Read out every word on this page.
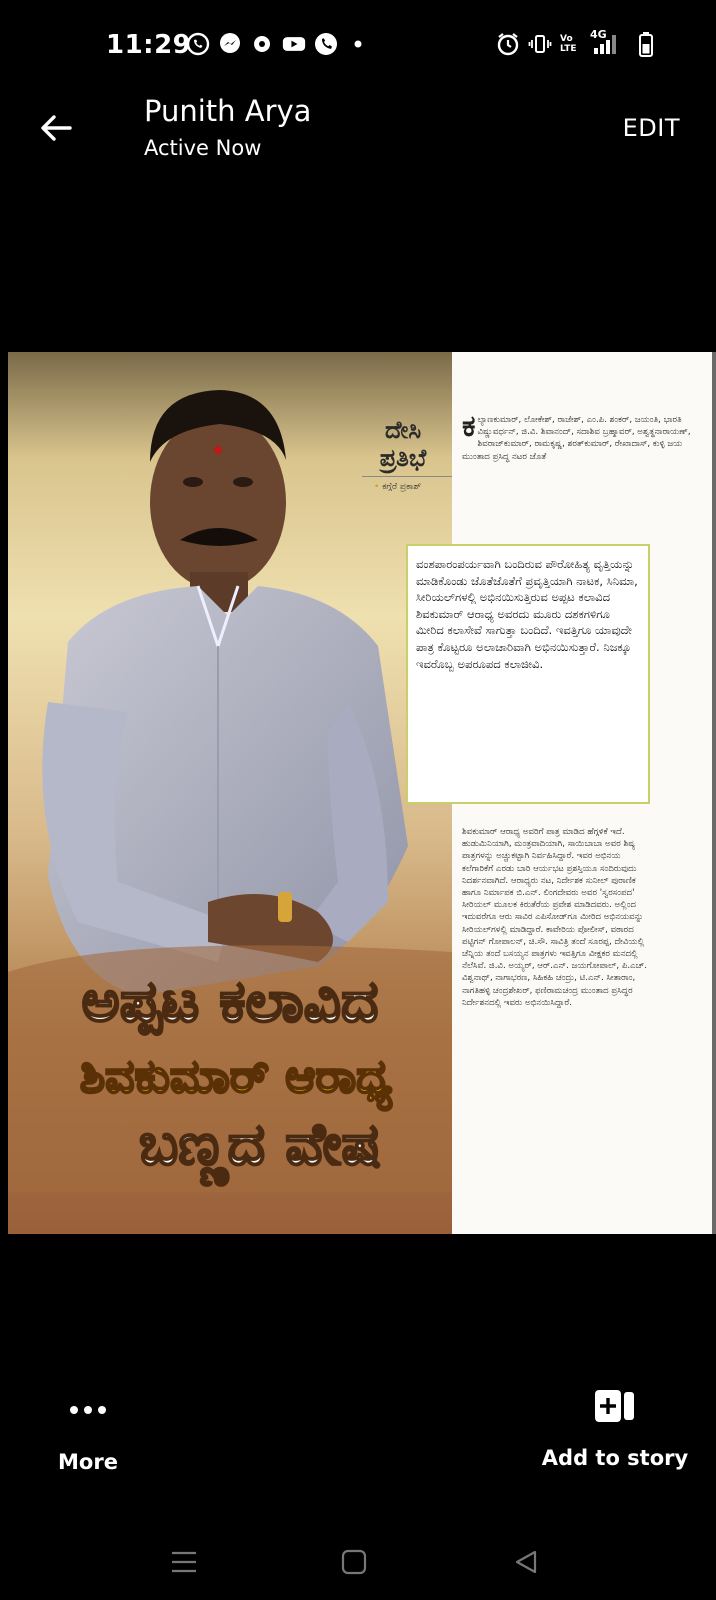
11:29	Vo LTE
4G
Punith Arya
Active Now
EDIT
ಅಪ್ಪಟ ಕಲಾವಿದ
ಶಿವಕುಮಾರ್ ಆರಾಧ್ಯ
ಬಣ್ಣದ ವೇಷ
ದೇಸಿ
ಪ್ರತಿಭೆ
• ಕಗ್ಗೆರೆ ಪ್ರಕಾಶ್
ಕ ಲ್ಯಾಣಕುಮಾರ್, ಲೋಕೇಶ್, ರಾಜೇಶ್, ಎಂ.ಪಿ. ಶಂಕರ್, ಜಯಂತಿ, ಭಾರತಿ ವಿಷ್ಣುವರ್ಧನ್, ಜಿ.ವಿ. ಶಿವಾನಂದ್, ಸದಾಶಿವ ಬ್ರಹ್ಮಾವರ್, ಅಶ್ವತ್ಥನಾರಾಯಣ್, ಶಿವರಾಜ್‌ಕುಮಾರ್, ರಾಮಕೃಷ್ಣ, ಶರತ್‌ಕುಮಾರ್, ರೇಖಾದಾಸ್, ಕುಳ್ಳಿ ಜಯ ಮುಂತಾದ ಪ್ರಸಿದ್ಧ ನಟರ ಜೊತೆ
ಶಿವಕುಮಾರ್ ಆರಾಧ್ಯ ಅವರಿಗೆ ಪಾತ್ರ ಮಾಡಿದ ಹೆಗ್ಗಳಿಕೆ ಇದೆ. ಹುಡುಮಿನಿಯಾಗಿ, ಮಂತ್ರವಾದಿಯಾಗಿ, ಸಾಯಿಬಾಬಾ ಅವರ ಶಿಷ್ಯ ಪಾತ್ರಗಳನ್ನು ಅಚ್ಚುಕಟ್ಟಾಗಿ ನಿರ್ವಹಿಸಿದ್ದಾರೆ. ಇವರ ಅಭಿನಯ ಕಲೆಗಾರಿಕೆಗೆ ಎರಡು ಬಾರಿ ಆರ್ಯಭಟ ಪ್ರಶಸ್ತಿಯೂ ಸಂದಿರುವುದು ನಿದರ್ಶನವಾಗಿದೆ. ಆರಾಧ್ಯರು ನಟ, ನಿರ್ದೇಶಕ ಸುನೀಲ್ ಪುರಾಣಿಕ ಹಾಗೂ ನಿರ್ಮಾಪಕ ಬಿ.ಎನ್. ಲಿಂಗದೇವರು ಅವರ 'ಸ್ವರಸಂಪದ' ಸೀರಿಯಲ್ ಮೂಲಕ ಕಿರುತೆರೆಯ ಪ್ರವೇಶ ಮಾಡಿದವರು. ಅಲ್ಲಿಂದ ಇದುವರೆಗೂ ಆರು ಸಾವಿರ ಎಪಿಸೋಡ್‌ಗೂ ಮೀರಿದ ಅಭಿನಯವನ್ನು ಸೀರಿಯಲ್‌ಗಳಲ್ಲಿ ಮಾಡಿದ್ದಾರೆ. ಕಾವೇರಿಯ ಪೋಲೀಸ್, ವಠಾರದ ಪಟ್ಟಿಗನ್ ಗೋಪಾಲನ್, ಚಿ.ಸೌ. ಸಾವಿತ್ರಿ ತಂದೆ ಸೂರಪ್ಪ, ದೇವಿಯಲ್ಲಿ ಚೆನ್ನಿಯ ತಂದೆ ಬಸಯ್ಯನ ಪಾತ್ರಗಳು ಇವತ್ತಿಗೂ ವೀಕ್ಷಕರ ಮನದಲ್ಲಿ ನೆಲೆಸಿವೆ. ಜಿ.ವಿ. ಅಯ್ಯರ್, ಆರ್.ಎನ್. ಜಯಗೋಪಾಲ್, ಪಿ.ಎಚ್. ವಿಶ್ವನಾಥ್, ನಾಗಾಭರಣ, ಸಿಹಿಕಹಿ ಚಂದ್ರು, ಟಿ.ಎನ್. ಸೀತಾರಾಂ, ನಾಗತಿಹಳ್ಳಿ ಚಂದ್ರಶೇಖರ್, ಫಣಿರಾಮಚಂದ್ರ ಮುಂತಾದ ಪ್ರಸಿದ್ಧರ ನಿರ್ದೇಶನದಲ್ಲಿ ಇವರು ಅಭಿನಯಿಸಿದ್ದಾರೆ.
ವಂಶಪಾರಂಪರ್ಯವಾಗಿ ಬಂದಿರುವ ಪೌರೋಹಿತ್ಯ ವೃತ್ತಿಯನ್ನು ಮಾಡಿಕೊಂಡು ಜೊತೆಜೊತೆಗೆ ಪ್ರವೃತ್ತಿಯಾಗಿ ನಾಟಕ, ಸಿನಿಮಾ, ಸೀರಿಯಲ್‌ಗಳಲ್ಲಿ ಅಭಿನಯಿಸುತ್ತಿರುವ ಅಪ್ಪಟ ಕಲಾವಿದ ಶಿವಕುಮಾರ್ ಆರಾಧ್ಯ ಅವರದು ಮೂರು ದಶಕಗಳಿಗೂ ಮೀರಿದ ಕಲಾಸೇವೆ ಸಾಗುತ್ತಾ ಬಂದಿದೆ. ಇವತ್ತಿಗೂ ಯಾವುದೇ ಪಾತ್ರ ಕೊಟ್ಟರೂ ಅಲಾಚಾರಿವಾಗಿ ಅಭಿನಯಿಸುತ್ತಾರೆ. ನಿಜಕ್ಕೂ ಇವರೊಬ್ಬ ಅಪರೂಪದ ಕಲಾಜೀವಿ.
More	Add to story
